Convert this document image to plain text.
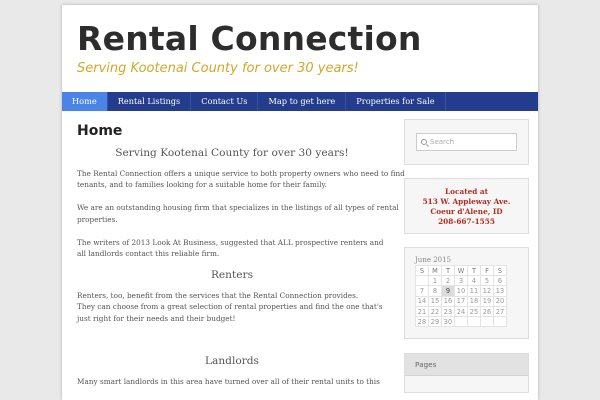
Rental Connection
Serving Kootenai County for over 30 years!
Home	Rental Listings	Contact Us	Map to get here	Properties for Sale
Home
Serving Kootenai County for over 30 years!
The Rental Connection offers a unique service to both property owners who need to find
tenants, and to families looking for a suitable home for their family.
We are an outstanding housing firm that specializes in the listings of all types of rental
properties.
The writers of 2013 Look At Business, suggested that ALL prospective renters and
all landlords contact this reliable firm.
Renters
Renters, too, benefit from the services that the Rental Connection provides.
They can choose from a great selection of rental properties and find the one that's
just right for their needs and their budget!
Landlords
Many smart landlords in this area have turned over all of their rental units to this
Search
Located at
513 W. Appleway Ave.
Coeur d'Alene, ID
208-667-1555
June 2015
S	M	T	W	T	F	S
	1	2	3	4	5	6
7	8	9	10	11	12	13
14	15	16	17	18	19	20
21	22	23	24	25	26	27
28	29	30				
Pages
